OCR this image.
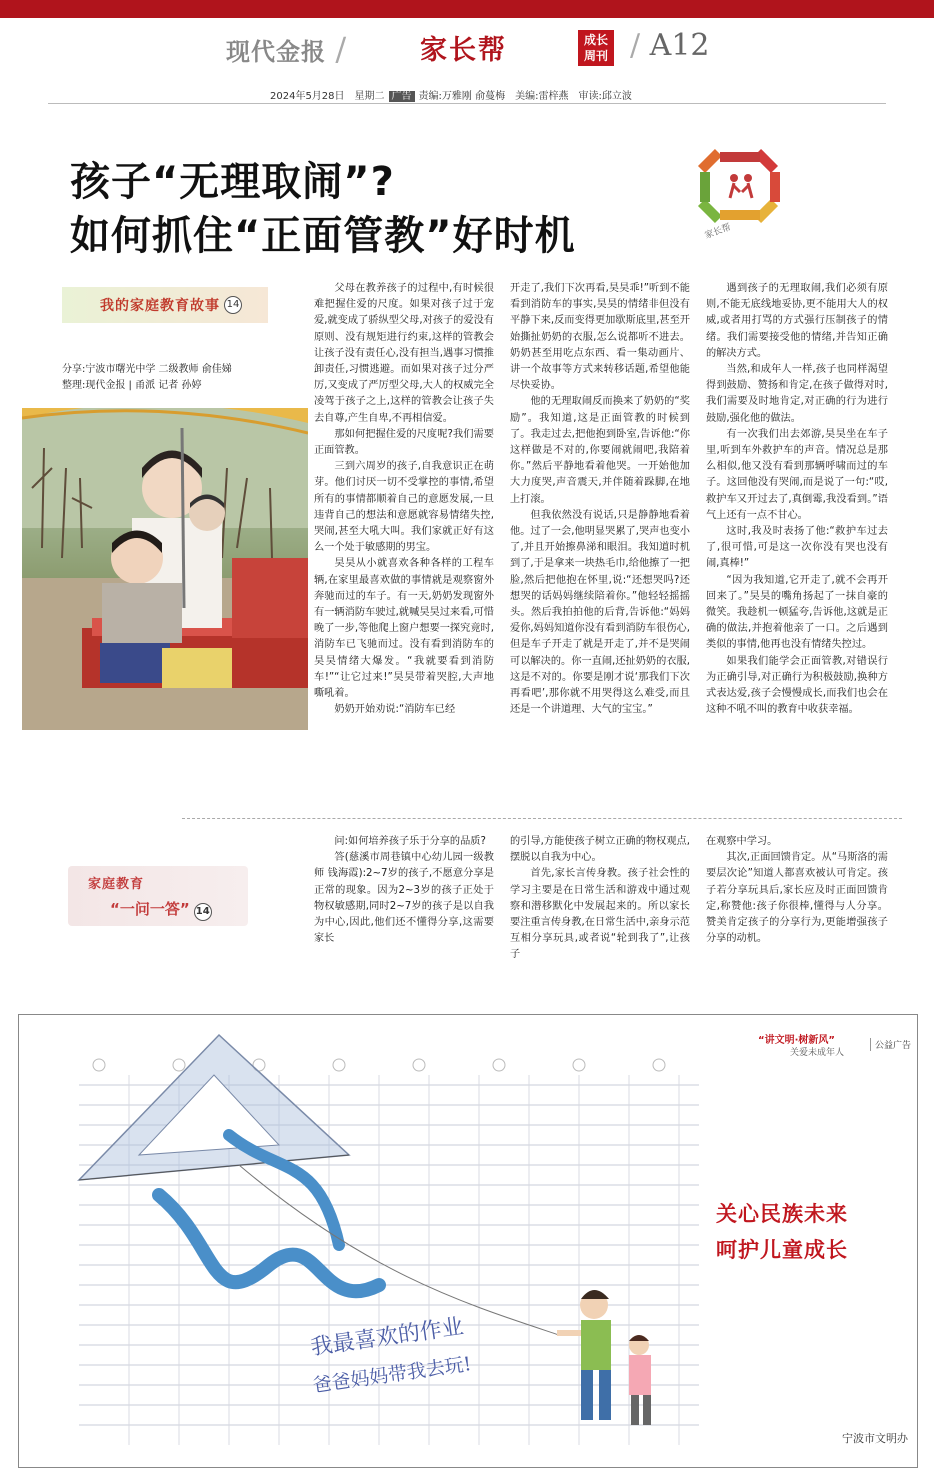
现代金报 /	家长帮	成长
周刊 / A12
2024年5月28日　星期二 广告 责编:万雅刚 俞蔓梅　美编:雷梓燕　审读:邱立波
孩子“无理取闹”?
如何抓住“正面管教”好时机	家长帮
我的家庭教育故事 14
分享:宁波市曙光中学 二级教师 俞佳娣
整理:现代金报 | 甬派 记者 孙婷

父母在教养孩子的过程中,有时候很难把握住爱的尺度。如果对孩子过于宠爱,就变成了骄纵型父母,对孩子的爱没有原则、没有规矩进行约束,这样的管教会让孩子没有责任心,没有担当,遇事习惯推卸责任,习惯逃避。而如果对孩子过分严厉,又变成了严厉型父母,大人的权威完全凌驾于孩子之上,这样的管教会让孩子失去自尊,产生自卑,不再相信爱。

那如何把握住爱的尺度呢?我们需要正面管教。

三到六周岁的孩子,自我意识正在萌芽。他们讨厌一切不受掌控的事情,希望所有的事情都顺着自己的意愿发展,一旦违背自己的想法和意愿就容易情绪失控,哭闹,甚至大吼大叫。我们家就正好有这么一个处于敏感期的男宝。

昊昊从小就喜欢各种各样的工程车辆,在家里最喜欢做的事情就是观察窗外奔驰而过的车子。有一天,奶奶发现窗外有一辆消防车驶过,就喊昊昊过来看,可惜晚了一步,等他爬上窗户想要一探究竟时,消防车已飞驰而过。没有看到消防车的昊昊情绪大爆发。“我就要看到消防车!”“让它过来!”昊昊带着哭腔,大声地嘶吼着。

奶奶开始劝说:“消防车已经

开走了,我们下次再看,昊昊乖!”听到不能看到消防车的事实,昊昊的情绪非但没有平静下来,反而变得更加歇斯底里,甚至开始撕扯奶奶的衣服,怎么说都听不进去。奶奶甚至用吃点东西、看一集动画片、讲一个故事等方式来转移话题,希望他能尽快妥协。

他的无理取闹反而换来了奶奶的“奖励”。我知道,这是正面管教的时候到了。我走过去,把他抱到卧室,告诉他:“你这样做是不对的,你要闹就闹吧,我陪着你。”然后平静地看着他哭。一开始他加大力度哭,声音震天,并伴随着跺脚,在地上打滚。

但我依然没有说话,只是静静地看着他。过了一会,他明显哭累了,哭声也变小了,并且开始擦鼻涕和眼泪。我知道时机到了,于是拿来一块热毛巾,给他擦了一把脸,然后把他抱在怀里,说:“还想哭吗?还想哭的话妈妈继续陪着你。”他轻轻摇摇头。然后我拍拍他的后背,告诉他:“妈妈爱你,妈妈知道你没有看到消防车很伤心,但是车子开走了就是开走了,并不是哭闹可以解决的。你一直闹,还扯奶奶的衣服,这是不对的。你要是刚才说‘那我们下次再看吧’,那你就不用哭得这么难受,而且还是一个讲道理、大气的宝宝。”

遇到孩子的无理取闹,我们必须有原则,不能无底线地妥协,更不能用大人的权威,或者用打骂的方式强行压制孩子的情绪。我们需要接受他的情绪,并告知正确的解决方式。

当然,和成年人一样,孩子也同样渴望得到鼓励、赞扬和肯定,在孩子做得对时,我们需要及时地肯定,对正确的行为进行鼓励,强化他的做法。

有一次我们出去郊游,昊昊坐在车子里,听到车外救护车的声音。情况总是那么相似,他又没有看到那辆呼啸而过的车子。这回他没有哭闹,而是说了一句:“哎,救护车又开过去了,真倒霉,我没看到。”语气上还有一点不甘心。

这时,我及时表扬了他:“救护车过去了,很可惜,可是这一次你没有哭也没有闹,真棒!”

“因为我知道,它开走了,就不会再开回来了。”昊昊的嘴角扬起了一抹自豪的微笑。我趁机一顿猛夸,告诉他,这就是正确的做法,并抱着他亲了一口。之后遇到类似的事情,他再也没有情绪失控过。

如果我们能学会正面管教,对错误行为正确引导,对正确行为积极鼓励,换种方式表达爱,孩子会慢慢成长,而我们也会在这种不吼不叫的教育中收获幸福。

家庭教育
“一问一答” 14

问:如何培养孩子乐于分享的品质?

答(慈溪市周巷镇中心幼儿园一级教师 钱海霞):2~7岁的孩子,不愿意分享是正常的现象。因为2~3岁的孩子正处于物权敏感期,同时2~7岁的孩子是以自我为中心,因此,他们还不懂得分享,这需要家长

的引导,方能使孩子树立正确的物权观点,摆脱以自我为中心。

首先,家长言传身教。孩子社会性的学习主要是在日常生活和游戏中通过观察和潜移默化中发展起来的。所以家长要注重言传身教,在日常生活中,亲身示范互相分享玩具,或者说“轮到我了”,让孩子

在观察中学习。

其次,正面回馈肯定。从“马斯洛的需要层次论”知道人都喜欢被认可肯定。孩子若分享玩具后,家长应及时正面回馈肯定,称赞他:孩子你很棒,懂得与人分享。赞美肯定孩子的分享行为,更能增强孩子分享的动机。

“讲文明·树新风”
关爱未成年人
公益广告
关心民族未来
呵护儿童成长
我最喜欢的作业
爸爸妈妈带我去玩!
宁波市文明办
